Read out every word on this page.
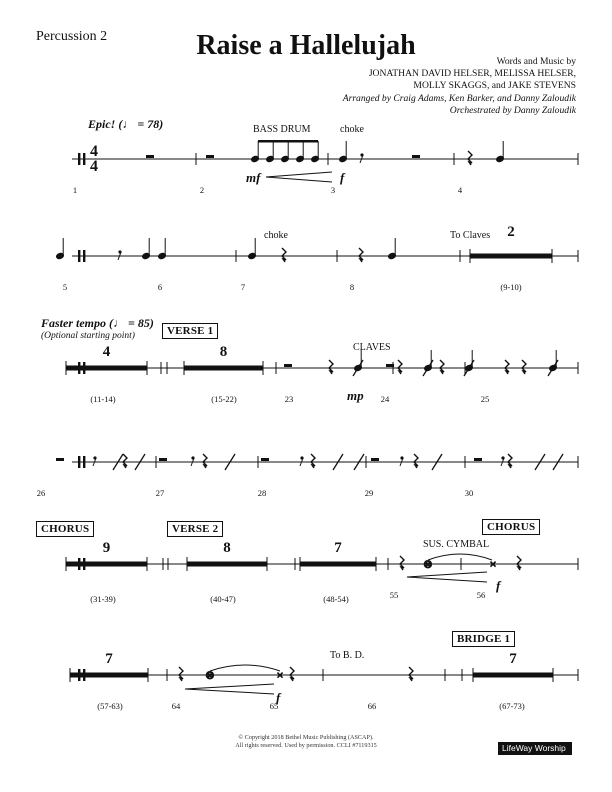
Percussion 2	Raise a Hallelujah
Words and Music by
JONATHAN DAVID HELSER, MELISSA HELSER,
MOLLY SKAGGS, and JAKE STEVENS
Arranged by Craig Adams, Ken Barker, and Danny Zaloudik
Orchestrated by Danny Zaloudik
Epic! (♩ = 78)
Faster tempo (♩ = 85)
(Optional starting point)
BASS DRUM	choke
choke	To Claves
CLAVES
SUS. CYMBAL
To B. D.
mf	f
mp
f
f
VERSE 1
CHORUS	VERSE 2	CHORUS
BRIDGE 1
⊗	×
⊗	×
4
4
2
4	8
9	8	7
7	7
1	2	3	4
5	6	7	8	(9-10)
(11-14)	(15-22)	23	24	25
26	27	28	29	30
(31-39)	(40-47)	(48-54)	55	56
(57-63)	64	65	66	(67-73)
© Copyright 2018 Bethel Music Publishing (ASCAP).
All rights reserved. Used by permission. CCLI #7119315	LifeWay Worship
